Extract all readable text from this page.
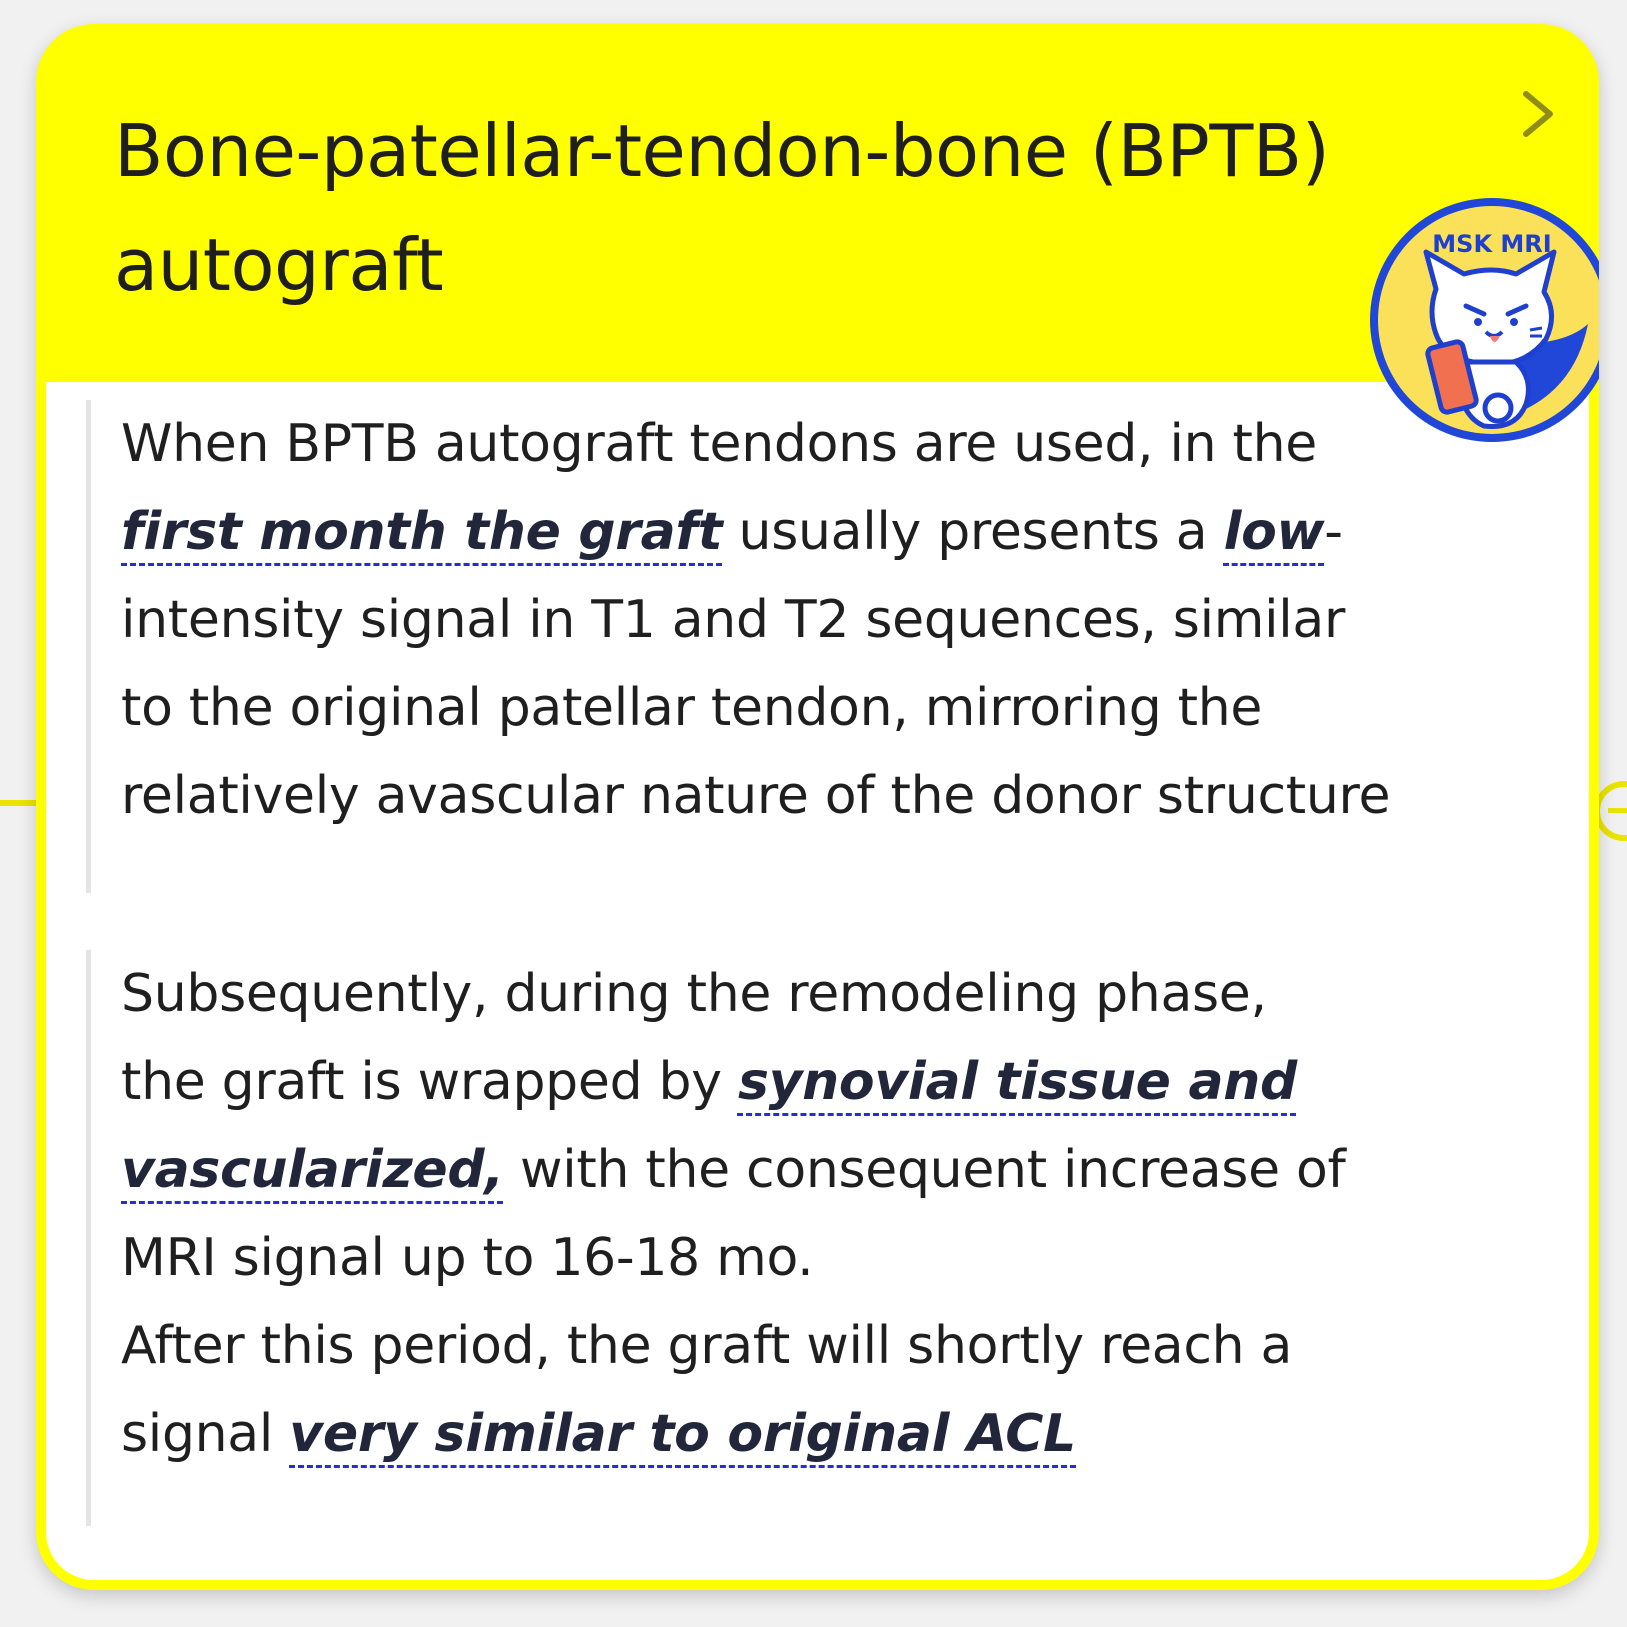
Bone-patellar-tendon-bone (BPTB)
autograft

When BPTB autograft tendons are used, in the

first month the graft usually presents a low-

intensity signal in T1 and T2 sequences, similar

to the original patellar tendon, mirroring the

relatively avascular nature of the donor structure

Subsequently, during the remodeling phase,

the graft is wrapped by synovial tissue and

vascularized, with the consequent increase of

MRI signal up to 16-18 mo.

After this period, the graft will shortly reach a

signal very similar to original ACL

MSK MRI
